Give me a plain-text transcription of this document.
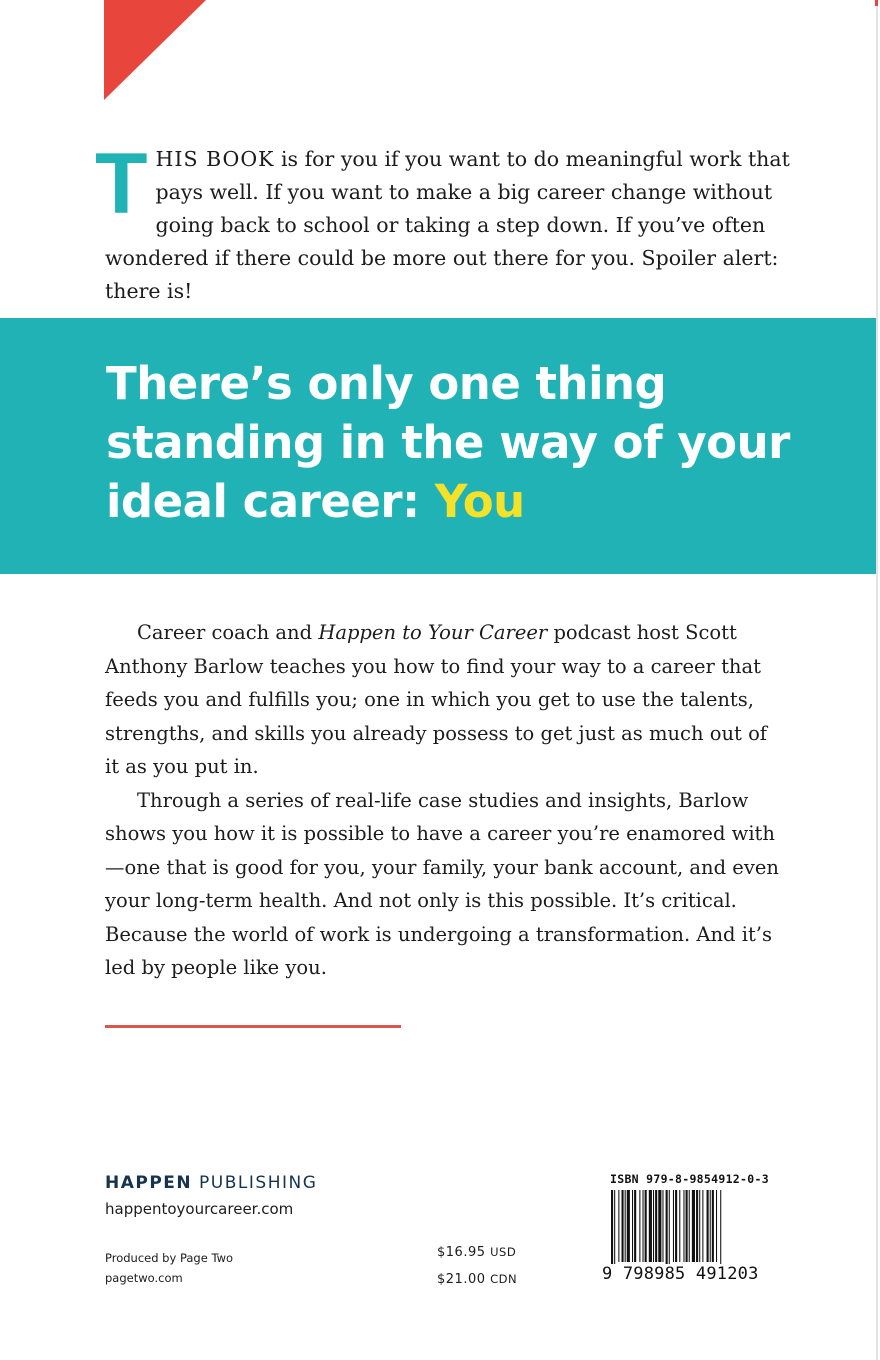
T HIS BOOK is for you if you want to do meaningful work that pays well. If you want to make a big career change without going back to school or taking a step down. If you’ve often wondered if there could be more out there for you. Spoiler alert: there is!
There’s only one thing standing in the way of your ideal career: You

Career coach and Happen to Your Career podcast host Scott Anthony Barlow teaches you how to find your way to a career that feeds you and fulfills you; one in which you get to use the talents, strengths, and skills you already possess to get just as much out of it as you put in.

Through a series of real-life case studies and insights, Barlow shows you how it is possible to have a career you’re enamored with—one that is good for you, your family, your bank account, and even your long-term health. And not only is this possible. It’s critical. Because the world of work is undergoing a transformation. And it’s led by people like you.

HAPPEN PUBLISHING
happentoyourcareer.com
Produced by Page Two
pagetwo.com
$16.95 USD
$21.00 CDN
ISBN 979-8-9854912-0-3
9 798985 491203
